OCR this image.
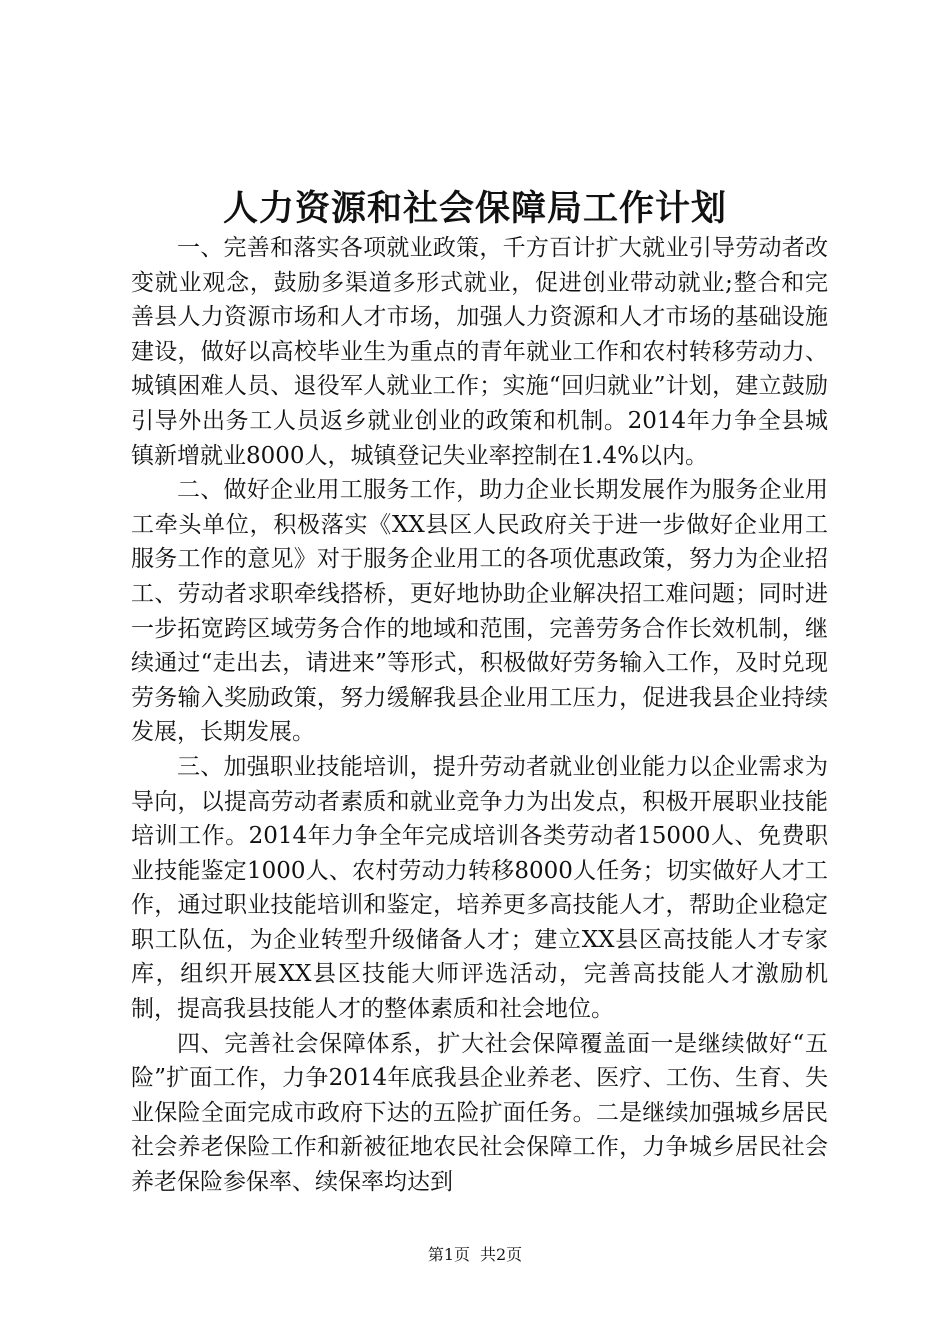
人力资源和社会保障局工作计划

一、完善和落实各项就业政策，千方百计扩大就业引导劳动者改变就业观念，鼓励多渠道多形式就业，促进创业带动就业;整合和完善县人力资源市场和人才市场，加强人力资源和人才市场的基础设施建设，做好以高校毕业生为重点的青年就业工作和农村转移劳动力、城镇困难人员、退役军人就业工作；实施“回归就业”计划，建立鼓励引导外出务工人员返乡就业创业的政策和机制。2014年力争全县城镇新增就业8000人，城镇登记失业率控制在1.4%以内。

二、做好企业用工服务工作，助力企业长期发展作为服务企业用工牵头单位，积极落实《XX县区人民政府关于进一步做好企业用工服务工作的意见》对于服务企业用工的各项优惠政策，努力为企业招工、劳动者求职牵线搭桥，更好地协助企业解决招工难问题；同时进一步拓宽跨区域劳务合作的地域和范围，完善劳务合作长效机制，继续通过“走出去，请进来”等形式，积极做好劳务输入工作，及时兑现劳务输入奖励政策，努力缓解我县企业用工压力，促进我县企业持续发展，长期发展。

三、加强职业技能培训，提升劳动者就业创业能力以企业需求为导向，以提高劳动者素质和就业竞争力为出发点，积极开展职业技能培训工作。2014年力争全年完成培训各类劳动者15000人、免费职业技能鉴定1000人、农村劳动力转移8000人任务；切实做好人才工作，通过职业技能培训和鉴定，培养更多高技能人才，帮助企业稳定职工队伍，为企业转型升级储备人才；建立XX县区高技能人才专家库，组织开展XX县区技能大师评选活动，完善高技能人才激励机制，提高我县技能人才的整体素质和社会地位。

四、完善社会保障体系，扩大社会保障覆盖面一是继续做好“五险”扩面工作，力争2014年底我县企业养老、医疗、工伤、生育、失业保险全面完成市政府下达的五险扩面任务。二是继续加强城乡居民社会养老保险工作和新被征地农民社会保障工作，力争城乡居民社会养老保险参保率、续保率均达到

第1页 共2页
